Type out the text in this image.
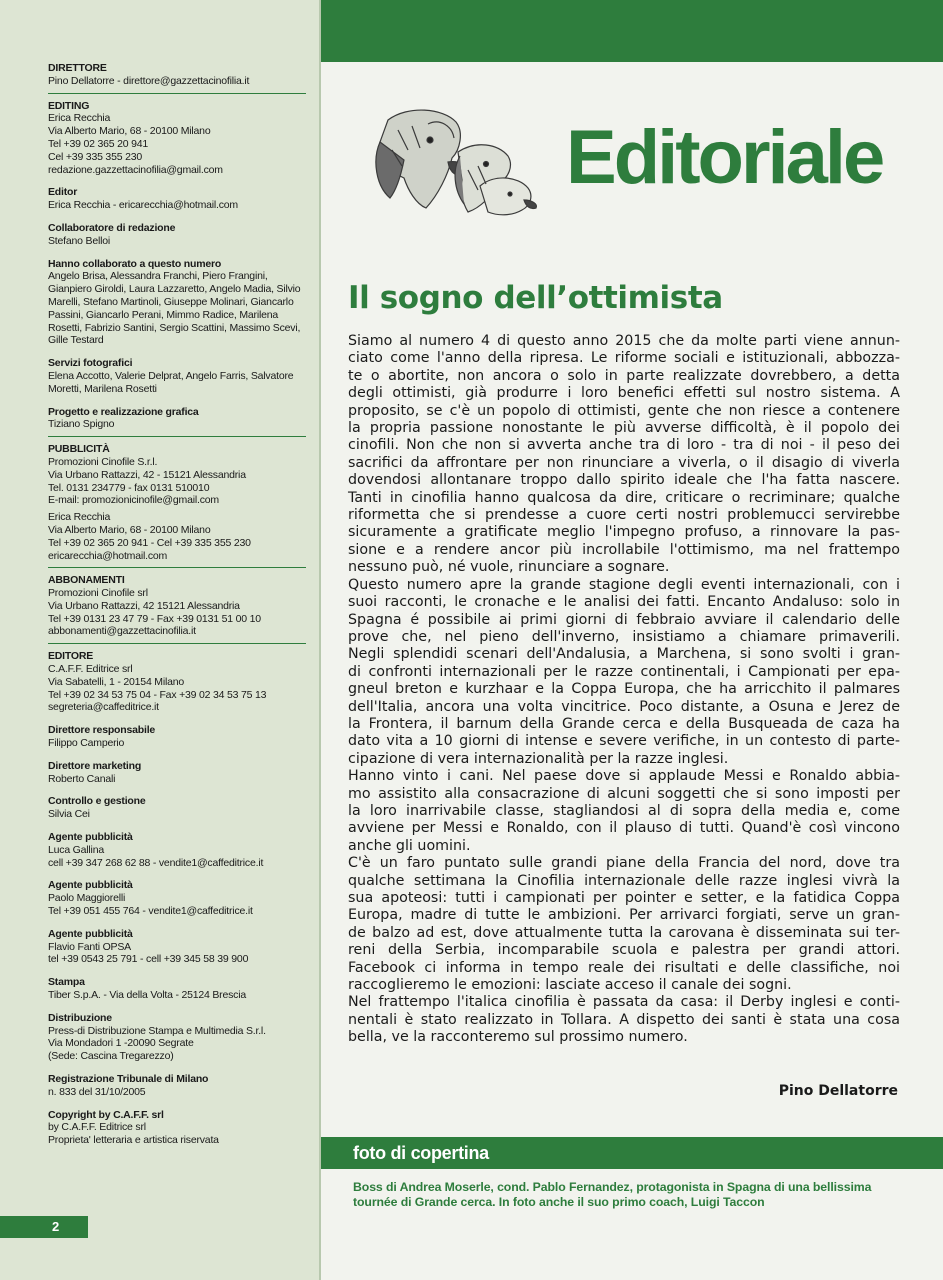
DIRETTORE
Pino Dellatorre - direttore@gazzettacinofilia.it
EDITING
Erica Recchia
Via Alberto Mario, 68 - 20100 Milano
Tel +39 02 365 20 941
Cel +39 335 355 230
redazione.gazzettacinofilia@gmail.com
Editor
Erica Recchia - ericarecchia@hotmail.com
Collaboratore di redazione
Stefano Belloi
Hanno collaborato a questo numero
Angelo Brisa, Alessandra Franchi, Piero Frangini,
Gianpiero Giroldi, Laura Lazzaretto, Angelo Madia, Silvio
Marelli, Stefano Martinoli, Giuseppe Molinari, Giancarlo
Passini, Giancarlo Perani, Mimmo Radice, Marilena
Rosetti, Fabrizio Santini, Sergio Scattini, Massimo Scevi,
Gille Testard
Servizi fotografici
Elena Accotto, Valerie Delprat, Angelo Farris, Salvatore
Moretti, Marilena Rosetti
Progetto e realizzazione grafica
Tiziano Spigno
PUBBLICITÀ
Promozioni Cinofile S.r.l.
Via Urbano Rattazzi, 42 - 15121 Alessandria
Tel. 0131 234779 - fax 0131 510010
E-mail: promozionicinofile@gmail.com
Erica Recchia
Via Alberto Mario, 68 - 20100 Milano
Tel +39 02 365 20 941 - Cel +39 335 355 230
ericarecchia@hotmail.com
ABBONAMENTI
Promozioni Cinofile srl
Via Urbano Rattazzi, 42 15121 Alessandria
Tel +39 0131 23 47 79 - Fax +39 0131 51 00 10
abbonamenti@gazzettacinofilia.it
EDITORE
C.A.F.F. Editrice srl
Via Sabatelli, 1 - 20154 Milano
Tel +39 02 34 53 75 04 - Fax +39 02 34 53 75 13
segreteria@caffeditrice.it
Direttore responsabile
Filippo Camperio
Direttore marketing
Roberto Canali
Controllo e gestione
Silvia Cei
Agente pubblicità
Luca Gallina
cell +39 347 268 62 88 - vendite1@caffeditrice.it
Agente pubblicità
Paolo Maggiorelli
Tel +39 051 455 764 - vendite1@caffeditrice.it
Agente pubblicità
Flavio Fanti OPSA
tel +39 0543 25 791 - cell +39 345 58 39 900
Stampa
Tiber S.p.A. - Via della Volta - 25124 Brescia
Distribuzione
Press-di Distribuzione Stampa e Multimedia S.r.l.
Via Mondadori 1 -20090 Segrate
(Sede: Cascina Tregarezzo)
Registrazione Tribunale di Milano
n. 833 del 31/10/2005
Copyright by C.A.F.F. srl
by C.A.F.F. Editrice srl
Proprieta' letteraria e artistica riservata
2
Editoriale
Il sogno dell’ottimista
Siamo al numero 4 di questo anno 2015 che da molte parti viene annun-
ciato come l'anno della ripresa. Le riforme sociali e istituzionali, abbozza-
te o abortite, non ancora o solo in parte realizzate dovrebbero, a detta
degli ottimisti, già produrre i loro benefici effetti sul nostro sistema. A
proposito, se c'è un popolo di ottimisti, gente che non riesce a contenere
la propria passione nonostante le più avverse difficoltà, è il popolo dei
cinofili. Non che non si avverta anche tra di loro - tra di noi - il peso dei
sacrifici da affrontare per non rinunciare a viverla, o il disagio di viverla
dovendosi allontanare troppo dallo spirito ideale che l'ha fatta nascere.
Tanti in cinofilia hanno qualcosa da dire, criticare o recriminare; qualche
riformetta che si prendesse a cuore certi nostri problemucci servirebbe
sicuramente a gratificate meglio l'impegno profuso, a rinnovare la pas-
sione e a rendere ancor più incrollabile l'ottimismo, ma nel frattempo
nessuno può, né vuole, rinunciare a sognare.
Questo numero apre la grande stagione degli eventi internazionali, con i
suoi racconti, le cronache e le analisi dei fatti. Encanto Andaluso: solo in
Spagna é possibile ai primi giorni di febbraio avviare il calendario delle
prove che, nel pieno dell'inverno, insistiamo a chiamare primaverili.
Negli splendidi scenari dell'Andalusia, a Marchena, si sono svolti i gran-
di confronti internazionali per le razze continentali, i Campionati per epa-
gneul breton e kurzhaar e la Coppa Europa, che ha arricchito il palmares
dell'Italia, ancora una volta vincitrice. Poco distante, a Osuna e Jerez de
la Frontera, il barnum della Grande cerca e della Busqueada de caza ha
dato vita a 10 giorni di intense e severe verifiche, in un contesto di parte-
cipazione di vera internazionalità per la razze inglesi.
Hanno vinto i cani. Nel paese dove si applaude Messi e Ronaldo abbia-
mo assistito alla consacrazione di alcuni soggetti che si sono imposti per
la loro inarrivabile classe, stagliandosi al di sopra della media e, come
avviene per Messi e Ronaldo, con il plauso di tutti. Quand'è così vincono
anche gli uomini.
C'è un faro puntato sulle grandi piane della Francia del nord, dove tra
qualche settimana la Cinofilia internazionale delle razze inglesi vivrà la
sua apoteosi: tutti i campionati per pointer e setter, e la fatidica Coppa
Europa, madre di tutte le ambizioni. Per arrivarci forgiati, serve un gran-
de balzo ad est, dove attualmente tutta la carovana è disseminata sui ter-
reni della Serbia, incomparabile scuola e palestra per grandi attori.
Facebook ci informa in tempo reale dei risultati e delle classifiche, noi
raccoglieremo le emozioni: lasciate acceso il canale dei sogni.
Nel frattempo l'italica cinofilia è passata da casa: il Derby inglesi e conti-
nentali è stato realizzato in Tollara. A dispetto dei santi è stata una cosa
bella, ve la racconteremo sul prossimo numero.
Pino Dellatorre
foto di copertina
Boss di Andrea Moserle, cond. Pablo Fernandez, protagonista in Spagna di una bellissima
tournée di Grande cerca. In foto anche il suo primo coach, Luigi Taccon
